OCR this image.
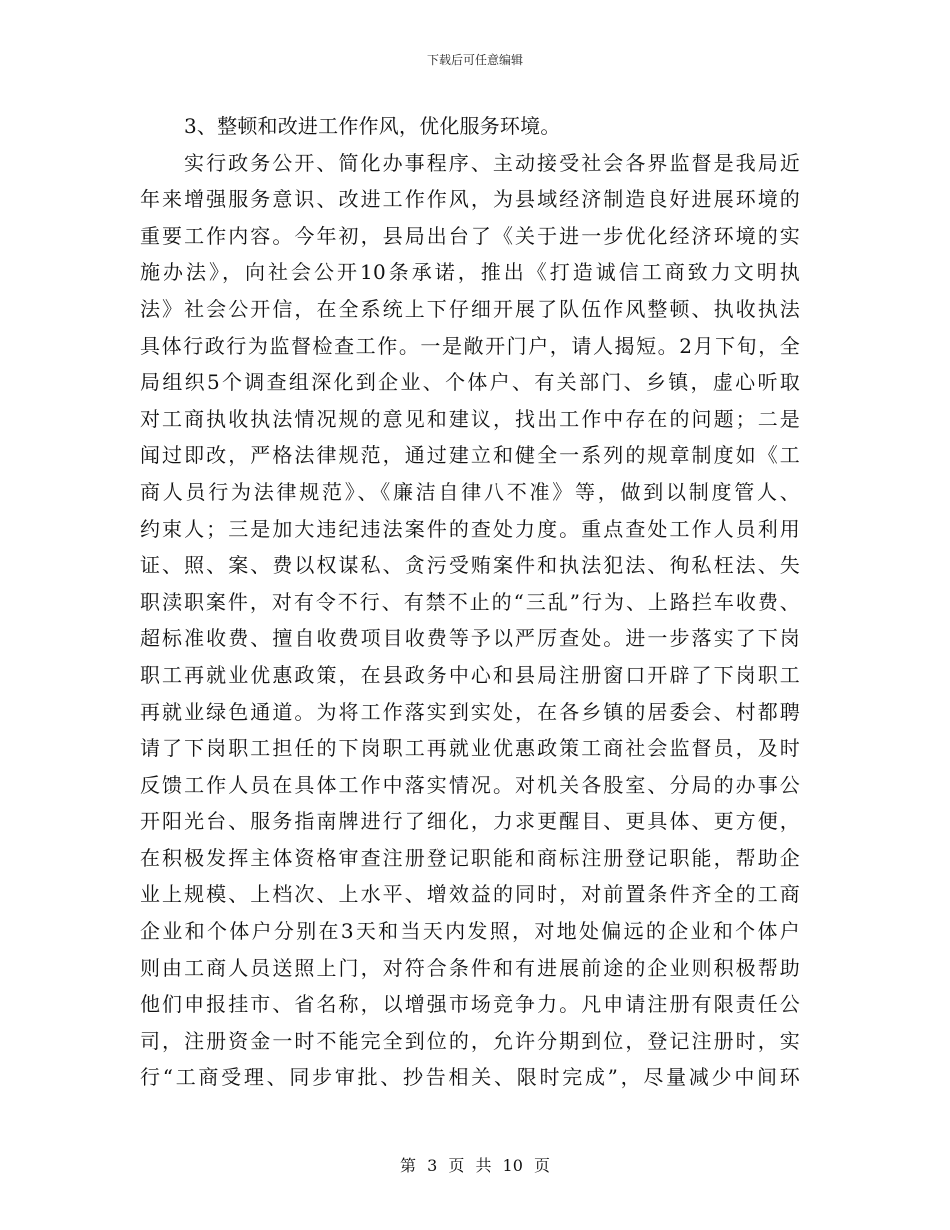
下载后可任意编辑
3、整顿和改进工作作风，优化服务环境。
实行政务公开、简化办事程序、主动接受社会各界监督是我局近
年来增强服务意识、改进工作作风，为县域经济制造良好进展环境的
重要工作内容。今年初，县局出台了《关于进一步优化经济环境的实
施办法》，向社会公开10条承诺，推出《打造诚信工商致力文明执
法》社会公开信，在全系统上下仔细开展了队伍作风整顿、执收执法
具体行政行为监督检查工作。一是敞开门户，请人揭短。2月下旬，全
局组织5个调查组深化到企业、个体户、有关部门、乡镇，虚心听取
对工商执收执法情况规的意见和建议，找出工作中存在的问题；二是
闻过即改，严格法律规范，通过建立和健全一系列的规章制度如《工
商人员行为法律规范》、《廉洁自律八不准》等，做到以制度管人、
约束人；三是加大违纪违法案件的查处力度。重点查处工作人员利用
证、照、案、费以权谋私、贪污受贿案件和执法犯法、徇私枉法、失
职渎职案件，对有令不行、有禁不止的“三乱”行为、上路拦车收费、
超标准收费、擅自收费项目收费等予以严厉查处。进一步落实了下岗
职工再就业优惠政策，在县政务中心和县局注册窗口开辟了下岗职工
再就业绿色通道。为将工作落实到实处，在各乡镇的居委会、村都聘
请了下岗职工担任的下岗职工再就业优惠政策工商社会监督员，及时
反馈工作人员在具体工作中落实情况。对机关各股室、分局的办事公
开阳光台、服务指南牌进行了细化，力求更醒目、更具体、更方便，
在积极发挥主体资格审查注册登记职能和商标注册登记职能，帮助企
业上规模、上档次、上水平、增效益的同时，对前置条件齐全的工商
企业和个体户分别在3天和当天内发照，对地处偏远的企业和个体户
则由工商人员送照上门，对符合条件和有进展前途的企业则积极帮助
他们申报挂市、省名称，以增强市场竞争力。凡申请注册有限责任公
司，注册资金一时不能完全到位的，允许分期到位，登记注册时，实
行“工商受理、同步审批、抄告相关、限时完成”，尽量减少中间环
第 3 页 共 10 页
